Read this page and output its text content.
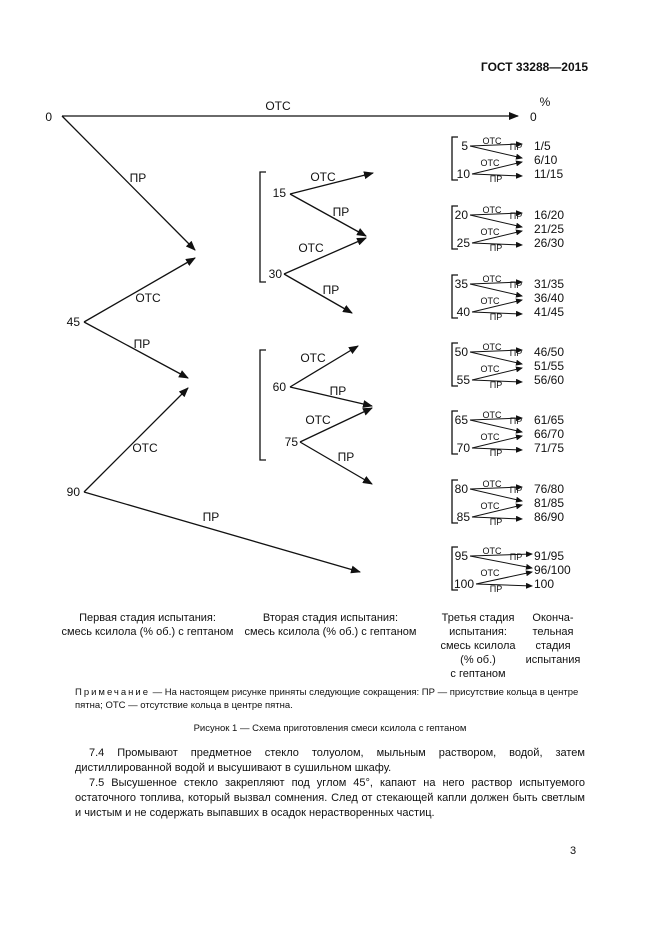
ГОСТ 33288—2015
0
45
90
%
ОТС
ПР
ОТС
ПР
ОТС
ПР
15
30
60
75
ОТС
ПР
ОТС
ПР
ОТС
ПР
ОТС
ПР
0
5
10
ОТС
ПР
ОТС
ПР
1/5
6/10
11/15
20
25
ОТС
ПР
ОТС
ПР
16/20
21/25
26/30
35
40
ОТС
ПР
ОТС
ПР
31/35
36/40
41/45
50
55
ОТС
ПР
ОТС
ПР
46/50
51/55
56/60
65
70
ОТС
ПР
ОТС
ПР
61/65
66/70
71/75
80
85
ОТС
ПР
ОТС
ПР
76/80
81/85
86/90
95
100
ОТС
ПР
ОТС
ПР
91/95
96/100
100
Первая стадия испытания:
смесь ксилола (% об.) с гептаном
Вторая стадия испытания:
смесь ксилола (% об.) с гептаном
Третья стадия
испытания:
смесь ксилола
(% об.)
с гептаном
Оконча-
тельная
стадия
испытания
Примечание — На настоящем рисунке приняты следующие сокращения: ПР — присутствие кольца в центре пятна; ОТС — отсутствие кольца в центре пятна.
Рисунок 1 — Схема приготовления смеси ксилола с гептаном

7.4 Промывают предметное стекло толуолом, мыльным раствором, водой, затем дистиллированной водой и высушивают в сушильном шкафу.

7.5 Высушенное стекло закрепляют под углом 45°, капают на него раствор испытуемого остаточного топлива, который вызвал сомнения. След от стекающей капли должен быть светлым и чистым и не содержать выпавших в осадок нерастворенных частиц.

3
